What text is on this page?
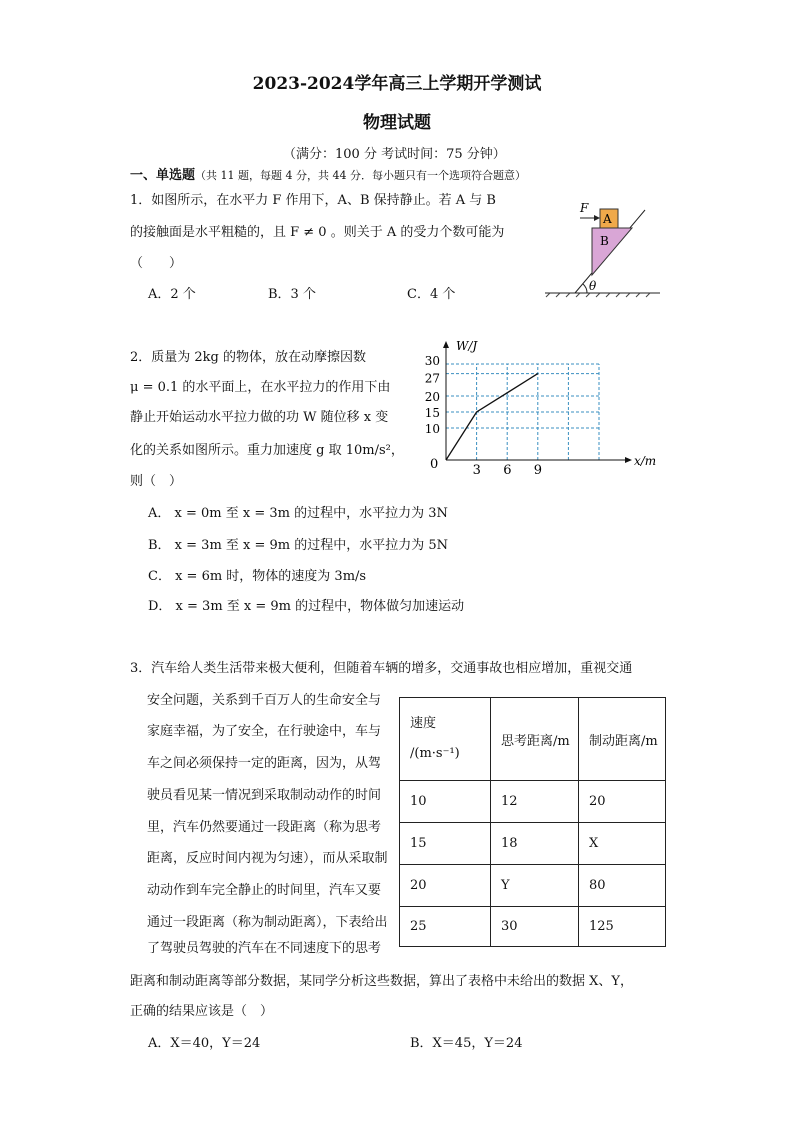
2023-2024学年高三上学期开学测试
物理试题
（满分：100 分 考试时间：75 分钟）
一、单选题（共 11 题，每题 4 分，共 44 分．每小题只有一个选项符合题意）
1．如图所示，在水平力 F 作用下，A、B 保持静止。若 A 与 B
的接触面是水平粗糙的，且 F ≠ 0 。则关于 A 的受力个数可能为
（　　）
A．2 个	B．3 个	C．4 个
F
A
B
θ
2．质量为 2kg 的物体，放在动摩擦因数
μ = 0.1 的水平面上，在水平拉力的作用下由
静止开始运动水平拉力做的功 W 随位移 x 变
化的关系如图所示。重力加速度 g 取 10m/s²，
则（　）
A． x = 0m 至 x = 3m 的过程中，水平拉力为 3N
B． x = 3m 至 x = 9m 的过程中，水平拉力为 5N
C． x = 6m 时，物体的速度为 3m/s
D． x = 3m 至 x = 9m 的过程中，物体做匀加速运动
3 6 9
10
15
20
27
30
0
W/J
x/m
3．汽车给人类生活带来极大便利，但随着车辆的增多，交通事故也相应增加，重视交通
速度
/(m·s⁻¹)	思考距离/m	制动距离/m
10	12	20
15	18	X
20	Y	80
25	30	125
A．X＝40，Y＝24	B．X＝45，Y＝24
安全问题，关系到千百万人的生命安全与
家庭幸福，为了安全，在行驶途中，车与
车之间必须保持一定的距离，因为，从驾
驶员看见某一情况到采取制动动作的时间
里，汽车仍然要通过一段距离（称为思考
距离，反应时间内视为匀速），而从采取制
动动作到车完全静止的时间里，汽车又要
通过一段距离（称为制动距离），下表给出
了驾驶员驾驶的汽车在不同速度下的思考
距离和制动距离等部分数据，某同学分析这些数据，算出了表格中未给出的数据 X、Y，
正确的结果应该是（　）
